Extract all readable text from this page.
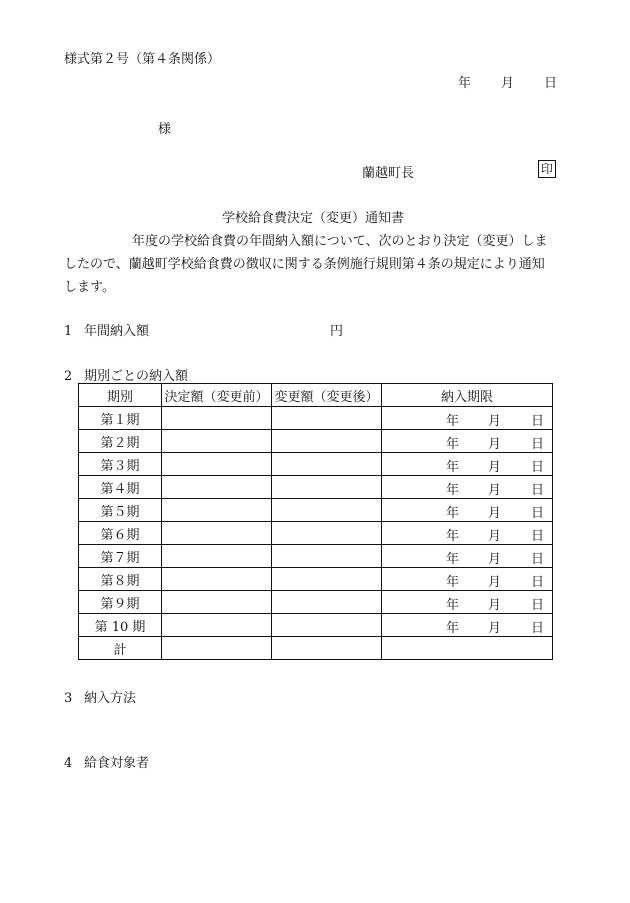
様式第２号（第４条関係）
年 月 日
様
蘭越町長	印
学校給食費決定（変更）通知書
年度の学校給食費の年間納入額について、次のとおり決定（変更）しま
したので、蘭越町学校給食費の徴収に関する条例施行規則第４条の規定により通知
します。
1 年間納入額	円
2 期別ごとの納入額
期別	決定額（変更前）	変更額（変更後）	納入期限
第１期			年 月 日

第２期			年 月 日

第３期			年 月 日

第４期			年 月 日

第５期			年 月 日

第６期			年 月 日

第７期			年 月 日

第８期			年 月 日

第９期			年 月 日

第 10 期			年 月 日

計			
3 納入方法
4 給食対象者
